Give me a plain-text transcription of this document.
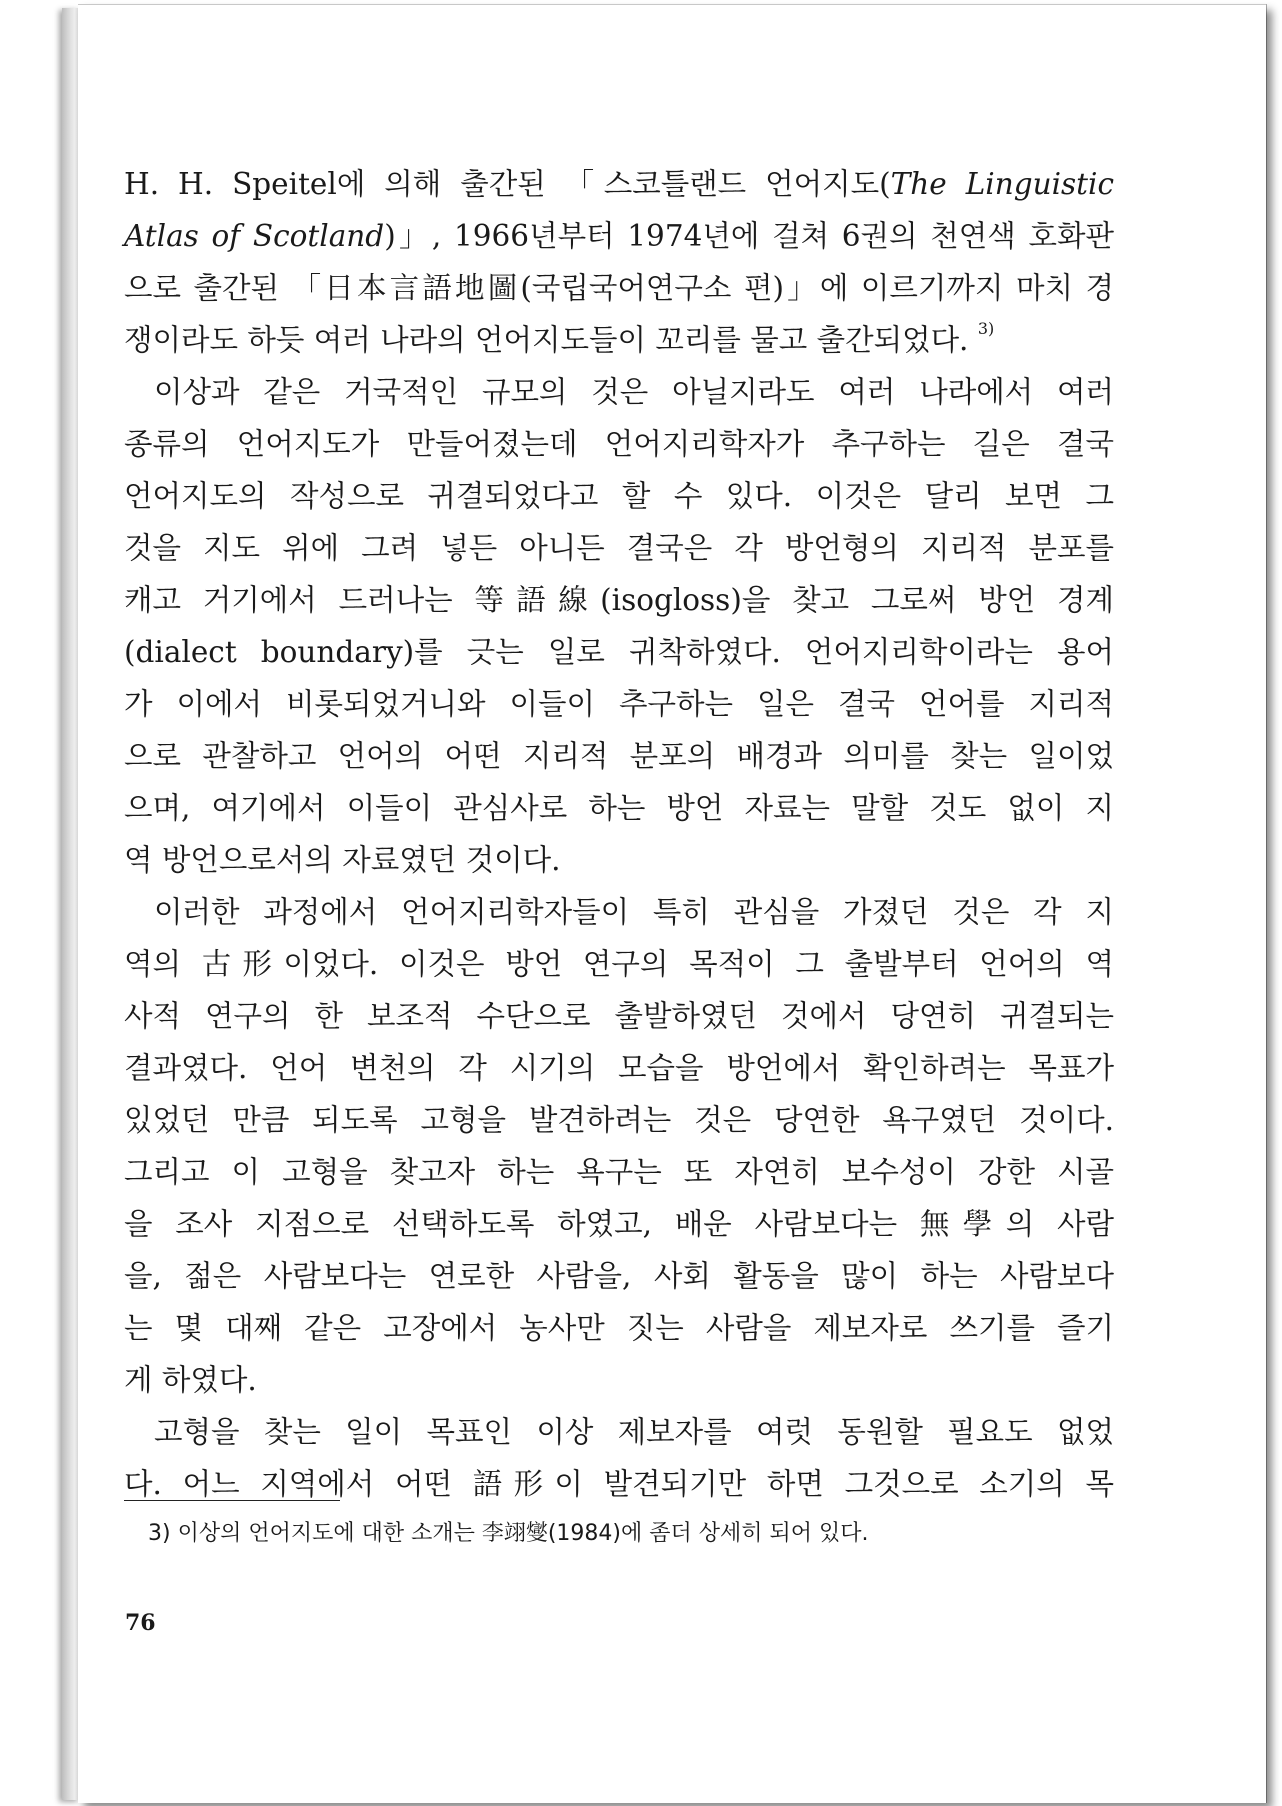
H. H. Speitel에 의해 출간된 「스코틀랜드 언어지도(The Linguistic
Atlas of Scotland)」, 1966년부터 1974년에 걸쳐 6권의 천연색 호화판
으로 출간된 「日本言語地圖(국립국어연구소 편)」에 이르기까지 마치 경
쟁이라도 하듯 여러 나라의 언어지도들이 꼬리를 물고 출간되었다. $^{3)}$
이상과 같은 거국적인 규모의 것은 아닐지라도 여러 나라에서 여러
종류의 언어지도가 만들어졌는데 언어지리학자가 추구하는 길은 결국
언어지도의 작성으로 귀결되었다고 할 수 있다. 이것은 달리 보면 그
것을 지도 위에 그려 넣든 아니든 결국은 각 방언형의 지리적 분포를
캐고 거기에서 드러나는 等語線(isogloss)을 찾고 그로써 방언 경계
(dialect boundary)를 긋는 일로 귀착하였다. 언어지리학이라는 용어
가 이에서 비롯되었거니와 이들이 추구하는 일은 결국 언어를 지리적
으로 관찰하고 언어의 어떤 지리적 분포의 배경과 의미를 찾는 일이었
으며, 여기에서 이들이 관심사로 하는 방언 자료는 말할 것도 없이 지
역 방언으로서의 자료였던 것이다.
이러한 과정에서 언어지리학자들이 특히 관심을 가졌던 것은 각 지
역의 古形이었다. 이것은 방언 연구의 목적이 그 출발부터 언어의 역
사적 연구의 한 보조적 수단으로 출발하였던 것에서 당연히 귀결되는
결과였다. 언어 변천의 각 시기의 모습을 방언에서 확인하려는 목표가
있었던 만큼 되도록 고형을 발견하려는 것은 당연한 욕구였던 것이다.
그리고 이 고형을 찾고자 하는 욕구는 또 자연히 보수성이 강한 시골
을 조사 지점으로 선택하도록 하였고, 배운 사람보다는 無學의 사람
을, 젊은 사람보다는 연로한 사람을, 사회 활동을 많이 하는 사람보다
는 몇 대째 같은 고장에서 농사만 짓는 사람을 제보자로 쓰기를 즐기
게 하였다.
고형을 찾는 일이 목표인 이상 제보자를 여럿 동원할 필요도 없었
다. 어느 지역에서 어떤 語形이 발견되기만 하면 그것으로 소기의 목
3) 이상의 언어지도에 대한 소개는 李翊燮(1984)에 좀더 상세히 되어 있다.
76
